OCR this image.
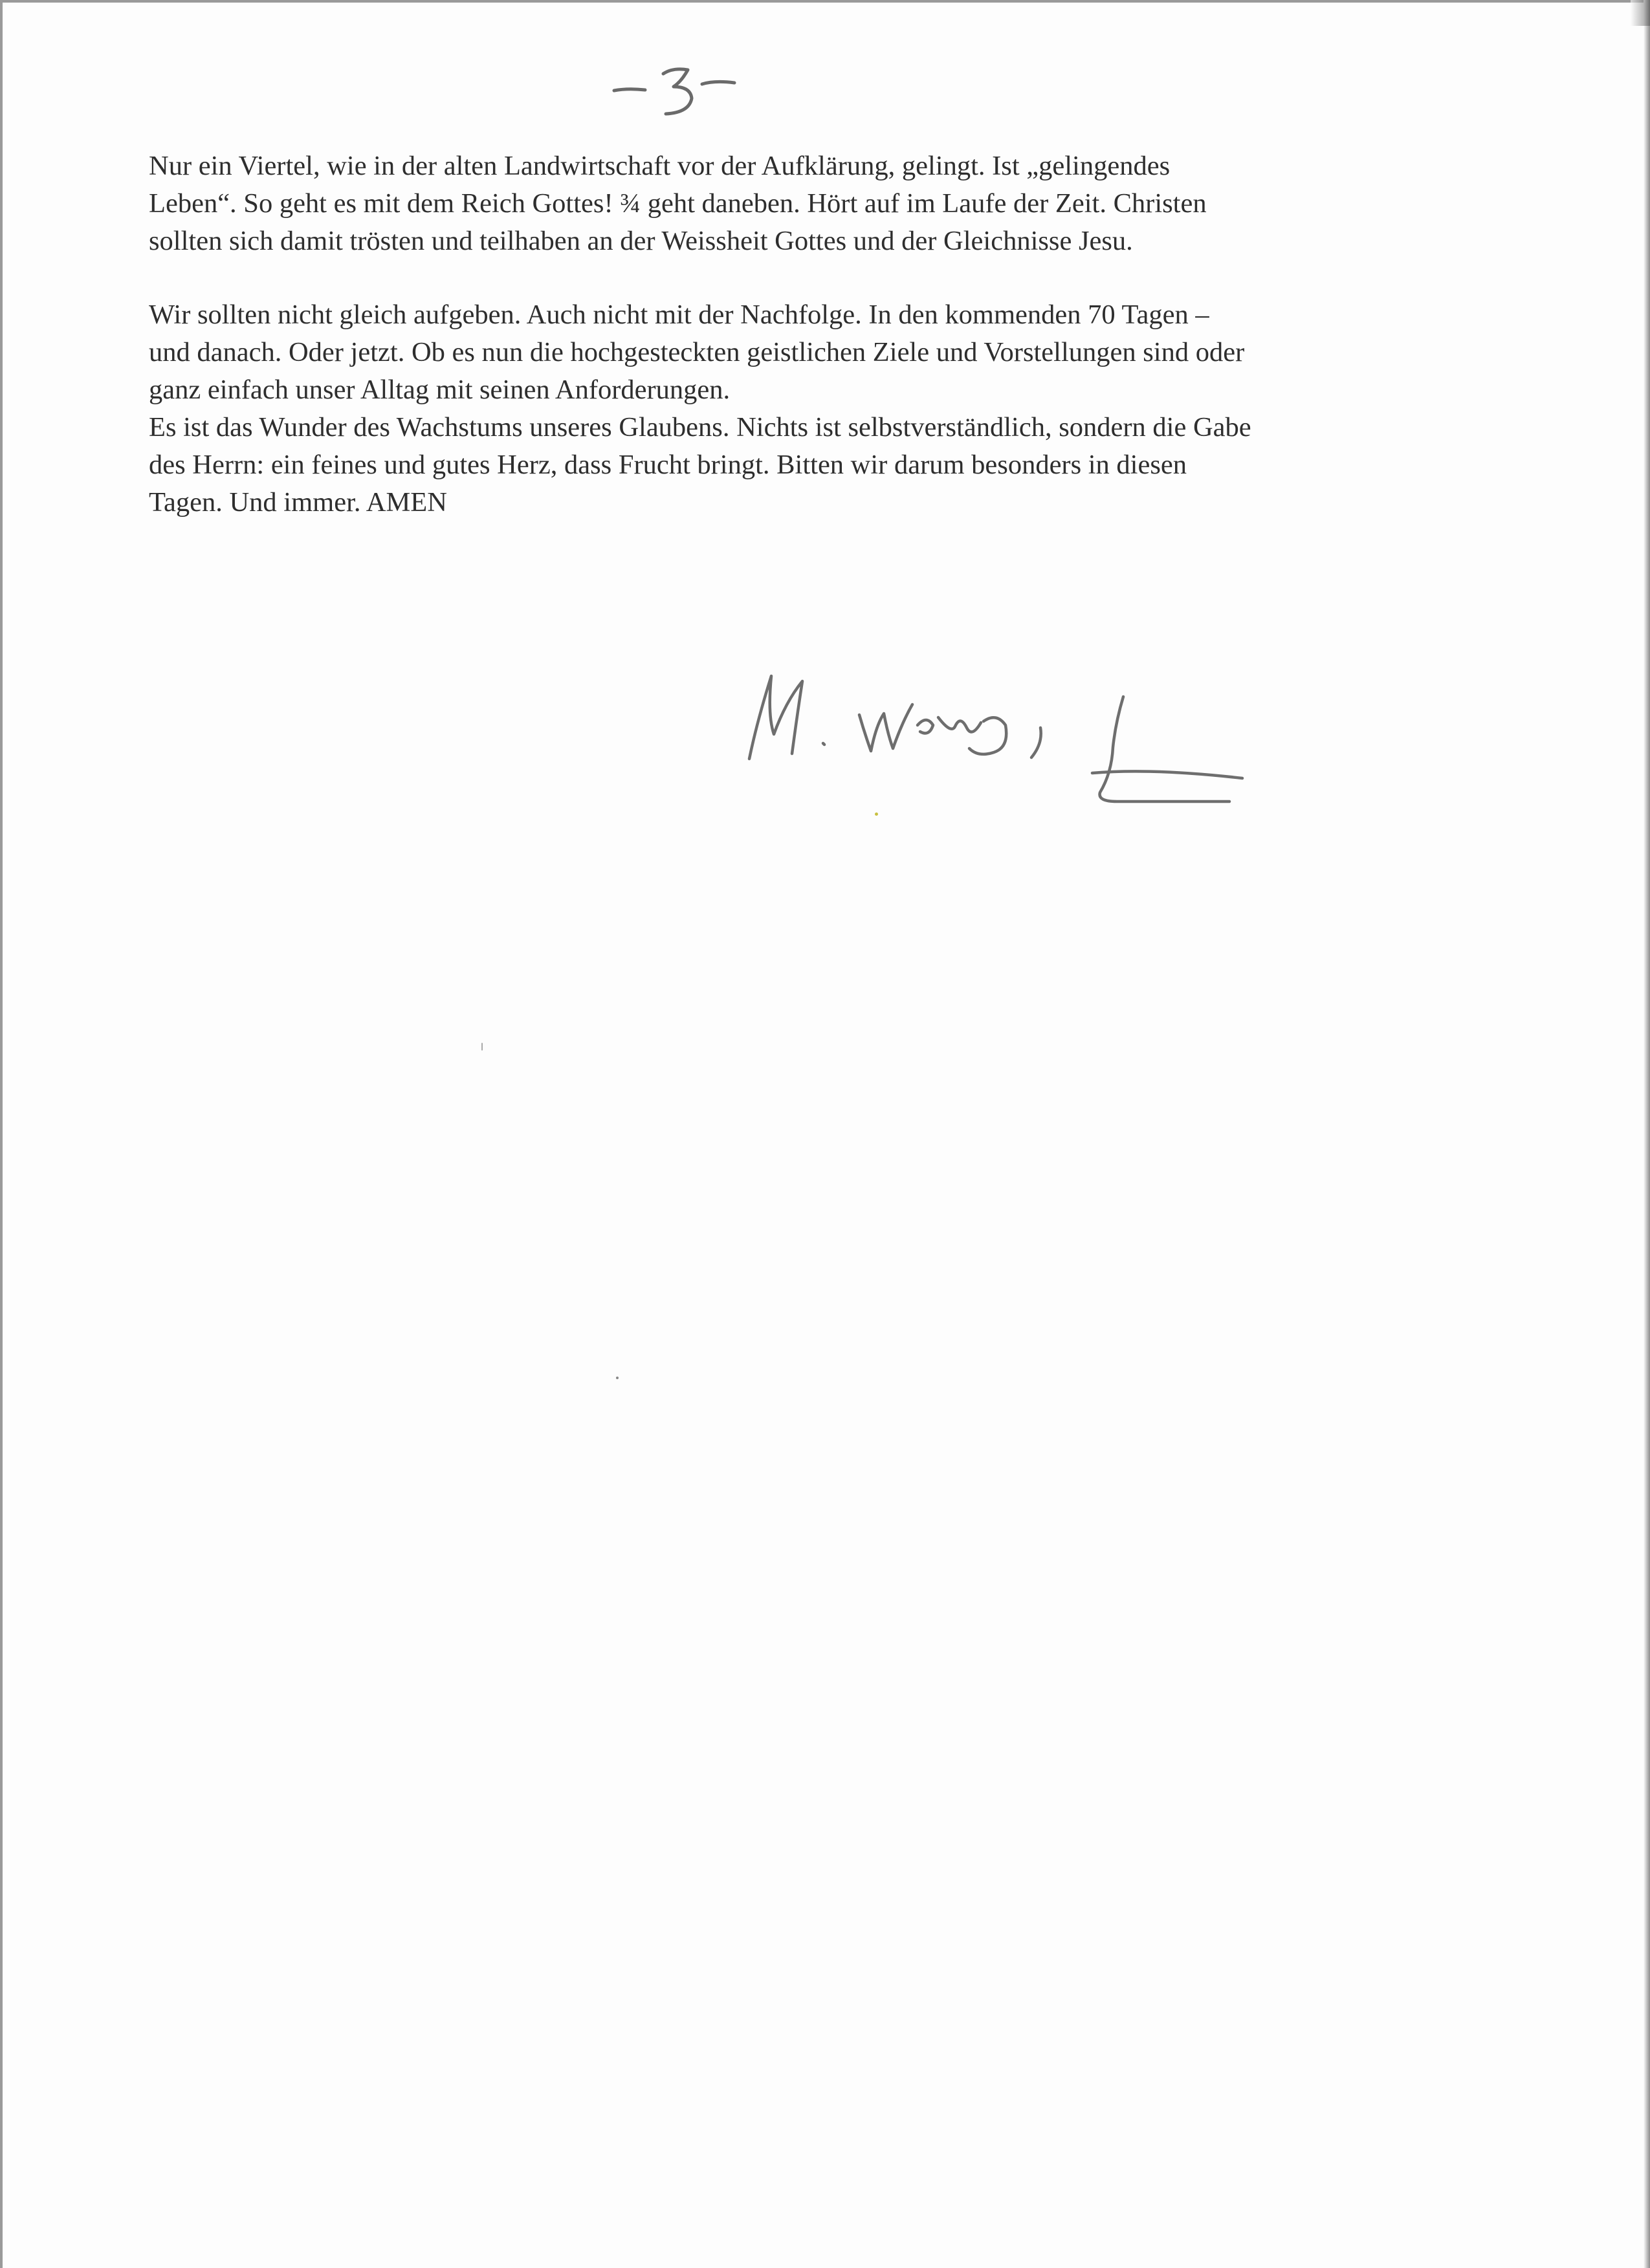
Nur ein Viertel, wie in der alten Landwirtschaft vor der Aufklärung, gelingt. Ist „gelingendes

Leben“. So geht es mit dem Reich Gottes! ¾ geht daneben. Hört auf im Laufe der Zeit. Christen

sollten sich damit trösten und teilhaben an der Weissheit Gottes und der Gleichnisse Jesu.

Wir sollten nicht gleich aufgeben. Auch nicht mit der Nachfolge. In den kommenden 70 Tagen –

und danach. Oder jetzt. Ob es nun die hochgesteckten geistlichen Ziele und Vorstellungen sind oder

ganz einfach unser Alltag mit seinen Anforderungen.

Es ist das Wunder des Wachstums unseres Glaubens. Nichts ist selbstverständlich, sondern die Gabe

des Herrn: ein feines und gutes Herz, dass Frucht bringt. Bitten wir darum besonders in diesen

Tagen. Und immer. AMEN
